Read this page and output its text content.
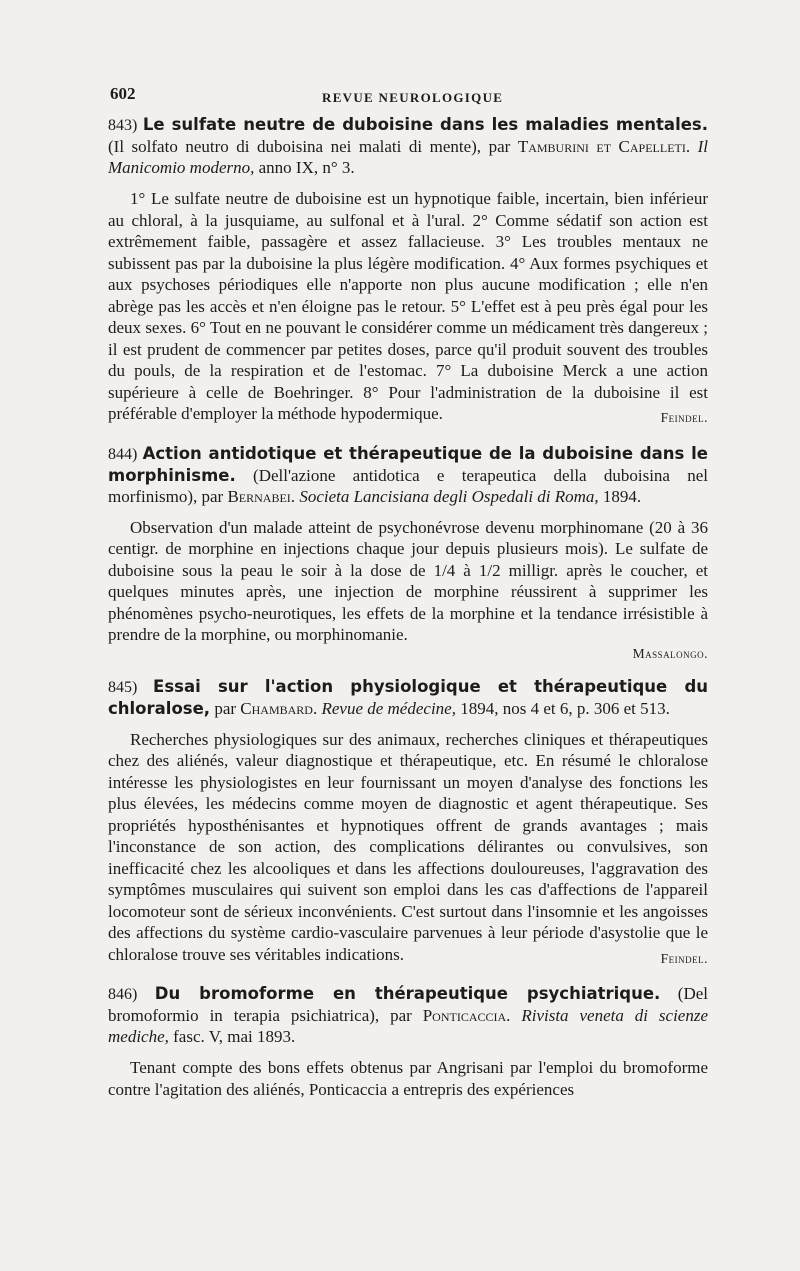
602	REVUE NEUROLOGIQUE

843) Le sulfate neutre de duboisine dans les maladies mentales. (Il solfato neutro di duboisina nei malati di mente), par Tamburini et Capelleti. Il Manicomio moderno, anno IX, n° 3.

1° Le sulfate neutre de duboisine est un hypnotique faible, incertain, bien inférieur au chloral, à la jusquiame, au sulfonal et à l'ural. 2° Comme sédatif son action est extrêmement faible, passagère et assez fallacieuse. 3° Les troubles mentaux ne subissent pas par la duboisine la plus légère modification. 4° Aux formes psychiques et aux psychoses périodiques elle n'apporte non plus aucune modification ; elle n'en abrège pas les accès et n'en éloigne pas le retour. 5° L'effet est à peu près égal pour les deux sexes. 6° Tout en ne pouvant le considérer comme un médicament très dangereux ; il est prudent de commencer par petites doses, parce qu'il produit souvent des troubles du pouls, de la respiration et de l'estomac. 7° La duboisine Merck a une action supérieure à celle de Boehringer. 8° Pour l'administration de la duboisine il est préférable d'employer la méthode hypodermique.	Feindel.

844) Action antidotique et thérapeutique de la duboisine dans le morphinisme. (Dell'azione antidotica e terapeutica della duboisina nel morfinismo), par Bernabei. Societa Lancisiana degli Ospedali di Roma, 1894.

Observation d'un malade atteint de psychonévrose devenu morphinomane (20 à 36 centigr. de morphine en injections chaque jour depuis plusieurs mois). Le sulfate de duboisine sous la peau le soir à la dose de 1/4 à 1/2 milligr. après le coucher, et quelques minutes après, une injection de morphine réussirent à supprimer les phénomènes psycho-neurotiques, les effets de la morphine et la tendance irrésistible à prendre de la morphine, ou morphinomanie.

Massalongo.

845) Essai sur l'action physiologique et thérapeutique du chloralose, par Chambard. Revue de médecine, 1894, nos 4 et 6, p. 306 et 513.

Recherches physiologiques sur des animaux, recherches cliniques et thérapeutiques chez des aliénés, valeur diagnostique et thérapeutique, etc. En résumé le chloralose intéresse les physiologistes en leur fournissant un moyen d'analyse des fonctions les plus élevées, les médecins comme moyen de diagnostic et agent thérapeutique. Ses propriétés hyposthénisantes et hypnotiques offrent de grands avantages ; mais l'inconstance de son action, des complications délirantes ou convulsives, son inefficacité chez les alcooliques et dans les affections douloureuses, l'aggravation des symptômes musculaires qui suivent son emploi dans les cas d'affections de l'appareil locomoteur sont de sérieux inconvénients. C'est surtout dans l'insomnie et les angoisses des affections du système cardio-vasculaire parvenues à leur période d'asystolie que le chloralose trouve ses véritables indications.	Feindel.

846) Du bromoforme en thérapeutique psychiatrique. (Del bromoformio in terapia psichiatrica), par Ponticaccia. Rivista veneta di scienze mediche, fasc. V, mai 1893.

Tenant compte des bons effets obtenus par Angrisani par l'emploi du bromoforme contre l'agitation des aliénés, Ponticaccia a entrepris des expériences
